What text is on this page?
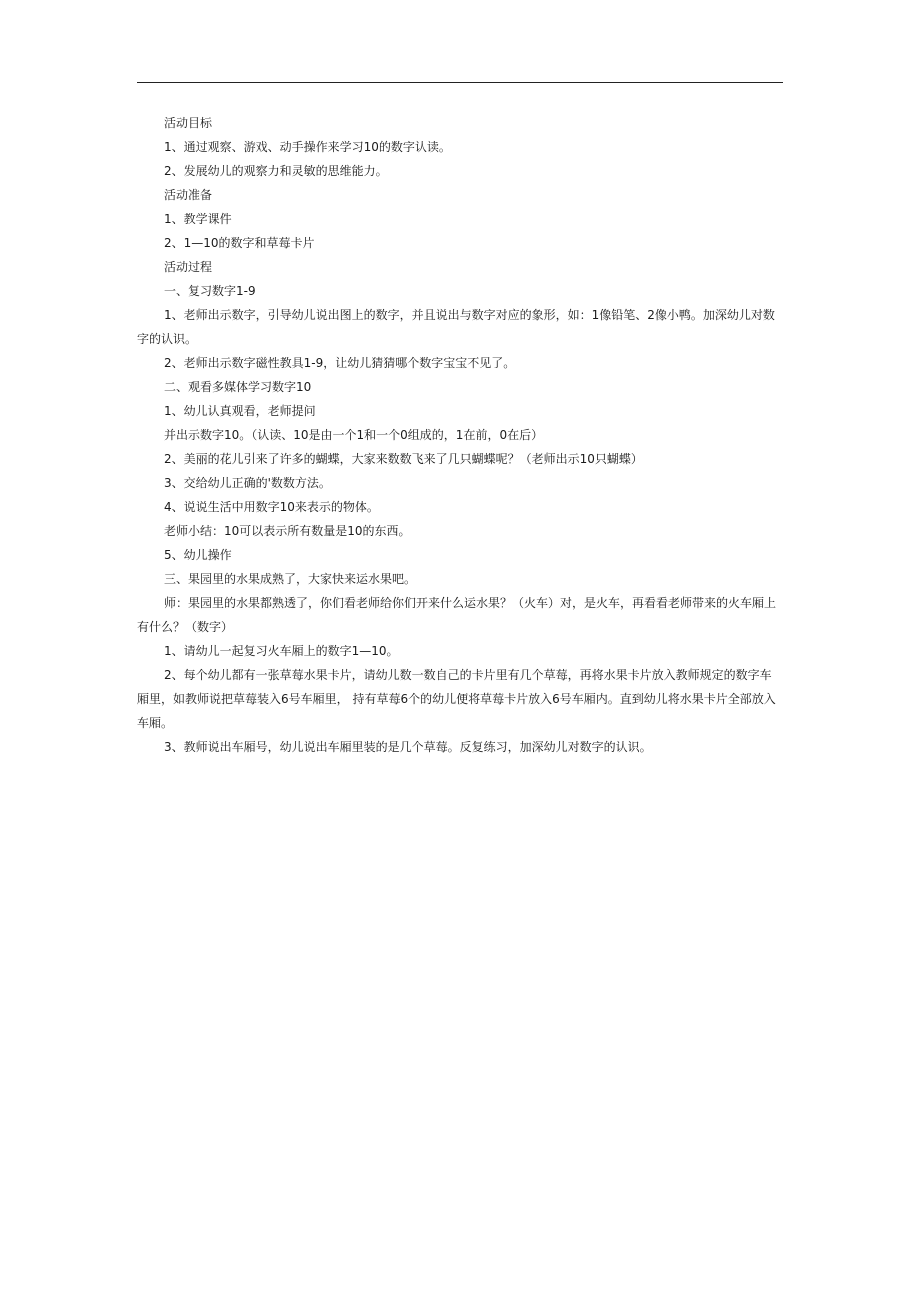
活动目标

1、通过观察、游戏、动手操作来学习10的数字认读。

2、发展幼儿的观察力和灵敏的思维能力。

活动准备

1、教学课件

2、1—10的数字和草莓卡片

活动过程

一、复习数字1-9

1、老师出示数字，引导幼儿说出图上的数字，并且说出与数字对应的象形，如：1像铅笔、2像小鸭。加深幼儿对数字的认识。

2、老师出示数字磁性教具1-9，让幼儿猜猜哪个数字宝宝不见了。

二、观看多媒体学习数字10

1、幼儿认真观看，老师提问

并出示数字10。（认读、10是由一个1和一个0组成的，1在前，0在后）

2、美丽的花儿引来了许多的蝴蝶，大家来数数飞来了几只蝴蝶呢？（老师出示10只蝴蝶）

3、交给幼儿正确的'数数方法。

4、说说生活中用数字10来表示的物体。

老师小结：10可以表示所有数量是10的东西。

5、幼儿操作

三、果园里的水果成熟了，大家快来运水果吧。

师：果园里的水果都熟透了，你们看老师给你们开来什么运水果？（火车）对，是火车，再看看老师带来的火车厢上有什么？（数字）

1、请幼儿一起复习火车厢上的数字1—10。

2、每个幼儿都有一张草莓水果卡片，请幼儿数一数自己的卡片里有几个草莓，再将水果卡片放入教师规定的数字车厢里，如教师说把草莓装入6号车厢里， 持有草莓6个的幼儿便将草莓卡片放入6号车厢内。直到幼儿将水果卡片全部放入车厢。

3、教师说出车厢号，幼儿说出车厢里装的是几个草莓。反复练习，加深幼儿对数字的认识。
